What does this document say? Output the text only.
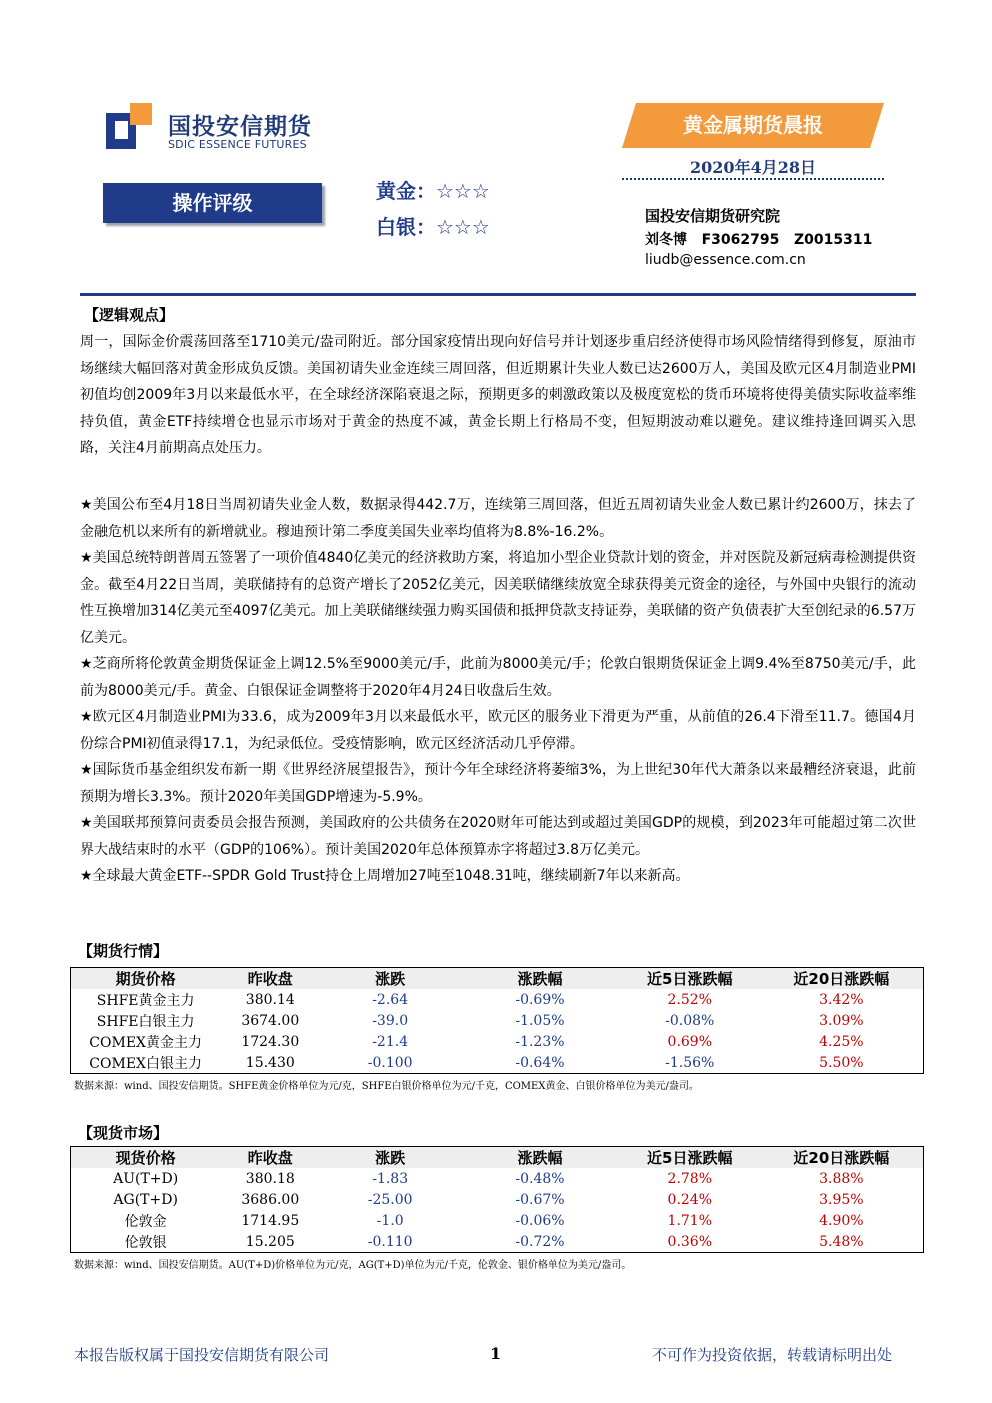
国投安信期货
SDIC ESSENCE FUTURES
黄金属期货晨报
2020年4月28日
操作评级	黄金：☆☆☆
白银：☆☆☆	国投安信期货研究院
刘冬博   F3062795   Z0015311
liudb@essence.com.cn
【逻辑观点】
周一，国际金价震荡回落至1710美元/盎司附近。部分国家疫情出现向好信号并计划逐步重启经济使得市场风险情绪得到修复，原油市场继续大幅回落对黄金形成负反馈。美国初请失业金连续三周回落，但近期累计失业人数已达2600万人，美国及欧元区4月制造业PMI初值均创2009年3月以来最低水平，在全球经济深陷衰退之际，预期更多的刺激政策以及极度宽松的货币环境将使得美债实际收益率维持负值，黄金ETF持续增仓也显示市场对于黄金的热度不减，黄金长期上行格局不变，但短期波动难以避免。建议维持逢回调买入思路，关注4月前期高点处压力。
★美国公布至4月18日当周初请失业金人数，数据录得442.7万，连续第三周回落，但近五周初请失业金人数已累计约2600万，抹去了金融危机以来所有的新增就业。穆迪预计第二季度美国失业率均值将为8.8%-16.2%。
★美国总统特朗普周五签署了一项价值4840亿美元的经济救助方案，将追加小型企业贷款计划的资金，并对医院及新冠病毒检测提供资金。截至4月22日当周，美联储持有的总资产增长了2052亿美元，因美联储继续放宽全球获得美元资金的途径，与外国中央银行的流动性互换增加314亿美元至4097亿美元。加上美联储继续强力购买国债和抵押贷款支持证券，美联储的资产负债表扩大至创纪录的6.57万亿美元。
★芝商所将伦敦黄金期货保证金上调12.5%至9000美元/手，此前为8000美元/手；伦敦白银期货保证金上调9.4%至8750美元/手，此前为8000美元/手。黄金、白银保证金调整将于2020年4月24日收盘后生效。
★欧元区4月制造业PMI为33.6，成为2009年3月以来最低水平，欧元区的服务业下滑更为严重，从前值的26.4下滑至11.7。德国4月份综合PMI初值录得17.1，为纪录低位。受疫情影响，欧元区经济活动几乎停滞。
★国际货币基金组织发布新一期《世界经济展望报告》，预计今年全球经济将萎缩3%，为上世纪30年代大萧条以来最糟经济衰退，此前预期为增长3.3%。预计2020年美国GDP增速为-5.9%。
★美国联邦预算问责委员会报告预测，美国政府的公共债务在2020财年可能达到或超过美国GDP的规模，到2023年可能超过第二次世界大战结束时的水平（GDP的106%）。预计美国2020年总体预算赤字将超过3.8万亿美元。
★全球最大黄金ETF--SPDR Gold Trust持仓上周增加27吨至1048.31吨，继续刷新7年以来新高。
【期货行情】
期货价格	昨收盘	涨跌	涨跌幅	近5日涨跌幅	近20日涨跌幅
SHFE黄金主力	380.14	-2.64	-0.69%	2.52%	3.42%
SHFE白银主力	3674.00	-39.0	-1.05%	-0.08%	3.09%
COMEX黄金主力	1724.30	-21.4	-1.23%	0.69%	4.25%
COMEX白银主力	15.430	-0.100	-0.64%	-1.56%	5.50%
数据来源：wind、国投安信期货。SHFE黄金价格单位为元/克，SHFE白银价格单位为元/千克，COMEX黄金、白银价格单位为美元/盎司。
【现货市场】
现货价格	昨收盘	涨跌	涨跌幅	近5日涨跌幅	近20日涨跌幅
AU(T+D)	380.18	-1.83	-0.48%	2.78%	3.88%
AG(T+D)	3686.00	-25.00	-0.67%	0.24%	3.95%
伦敦金	1714.95	-1.0	-0.06%	1.71%	4.90%
伦敦银	15.205	-0.110	-0.72%	0.36%	5.48%
数据来源：wind、国投安信期货。AU(T+D)价格单位为元/克，AG(T+D)单位为元/千克，伦敦金、银价格单位为美元/盎司。
本报告版权属于国投安信期货有限公司	1	不可作为投资依据，转载请标明出处
